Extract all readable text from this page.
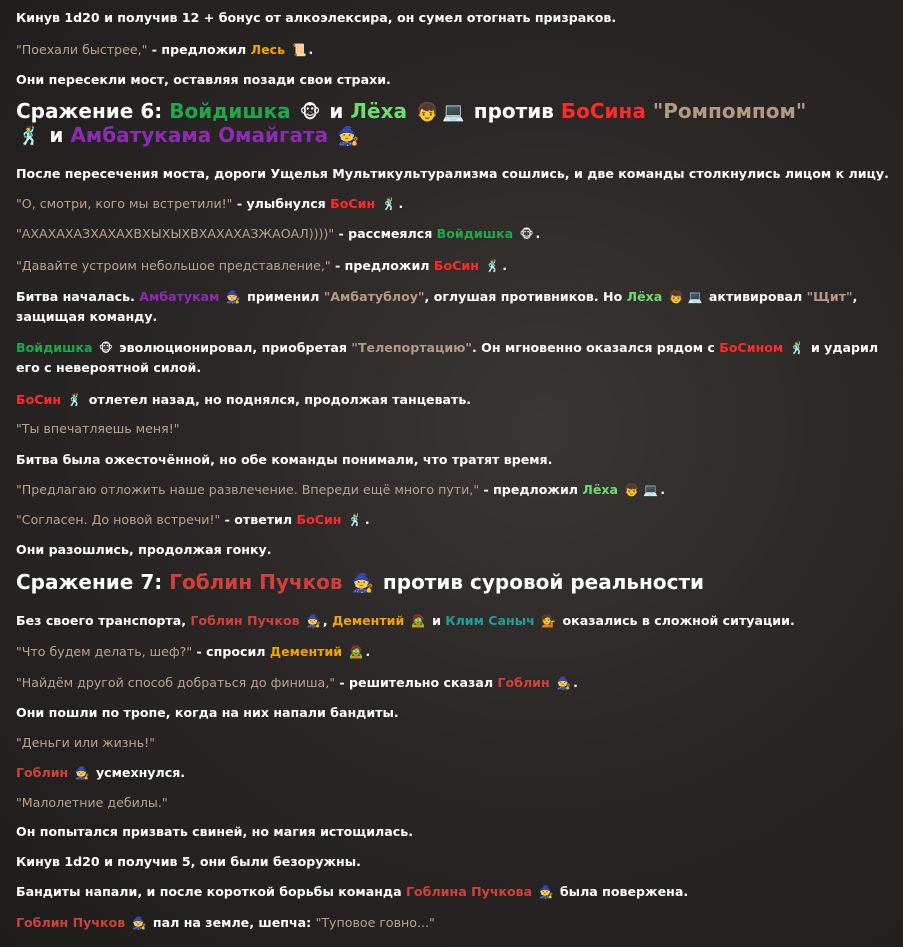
Кинув 1d20 и получив 12 + бонус от алкоэлексира, он сумел отогнать призраков.
"Поехали быстрее," - предложил Лесь 📜 .
Они пересекли мост, оставляя позади свои страхи.
Сражение 6: Войдишка 🐵 и Лёха 👦 💻 против БоСина "Ромпомпом"
🕺 и Амбатукама Омайгата 🧙
После пересечения моста, дороги Ущелья Мультикультурализма сошлись, и две команды столкнулись лицом к лицу.
"О, смотри, кого мы встретили!" - улыбнулся БоСин 🕺 .
"АХАХАХАЗХАХАХВХЫХЫХВХАХАХАЗЖАОАЛ))))" - рассмеялся Войдишка 🐵 .
"Давайте устроим небольшое представление," - предложил БоСин 🕺 .
Битва началась. Амбатукам 🧙 применил "Амбатублоу", оглушая противников. Но Лёха 👦 💻 активировал "Щит", защищая команду.
Войдишка 🐵 эволюционировал, приобретая "Телепортацию". Он мгновенно оказался рядом с БоСином 🕺 и ударил его с невероятной силой.
БоСин 🕺 отлетел назад, но поднялся, продолжая танцевать.
"Ты впечатляешь меня!"
Битва была ожесточённой, но обе команды понимали, что тратят время.
"Предлагаю отложить наше развлечение. Впереди ещё много пути," - предложил Лёха 👦 💻 .
"Согласен. До новой встречи!" - ответил БоСин 🕺 .
Они разошлись, продолжая гонку.
Сражение 7: Гоблин Пучков 🧙 против суровой реальности
Без своего транспорта, Гоблин Пучков 🧙 , Дементий 🧟 и Клим Саныч 💁 оказались в сложной ситуации.
"Что будем делать, шеф?" - спросил Дементий 🧟 .
"Найдём другой способ добраться до финиша," - решительно сказал Гоблин 🧙 .
Они пошли по тропе, когда на них напали бандиты.
"Деньги или жизнь!"
Гоблин 🧙 усмехнулся.
"Малолетние дебилы."
Он попытался призвать свиней, но магия истощилась.
Кинув 1d20 и получив 5, они были безоружны.
Бандиты напали, и после короткой борьбы команда Гоблина Пучкова 🧙 была повержена.
Гоблин Пучков 🧙 пал на земле, шепча: "Туповое говно..."
